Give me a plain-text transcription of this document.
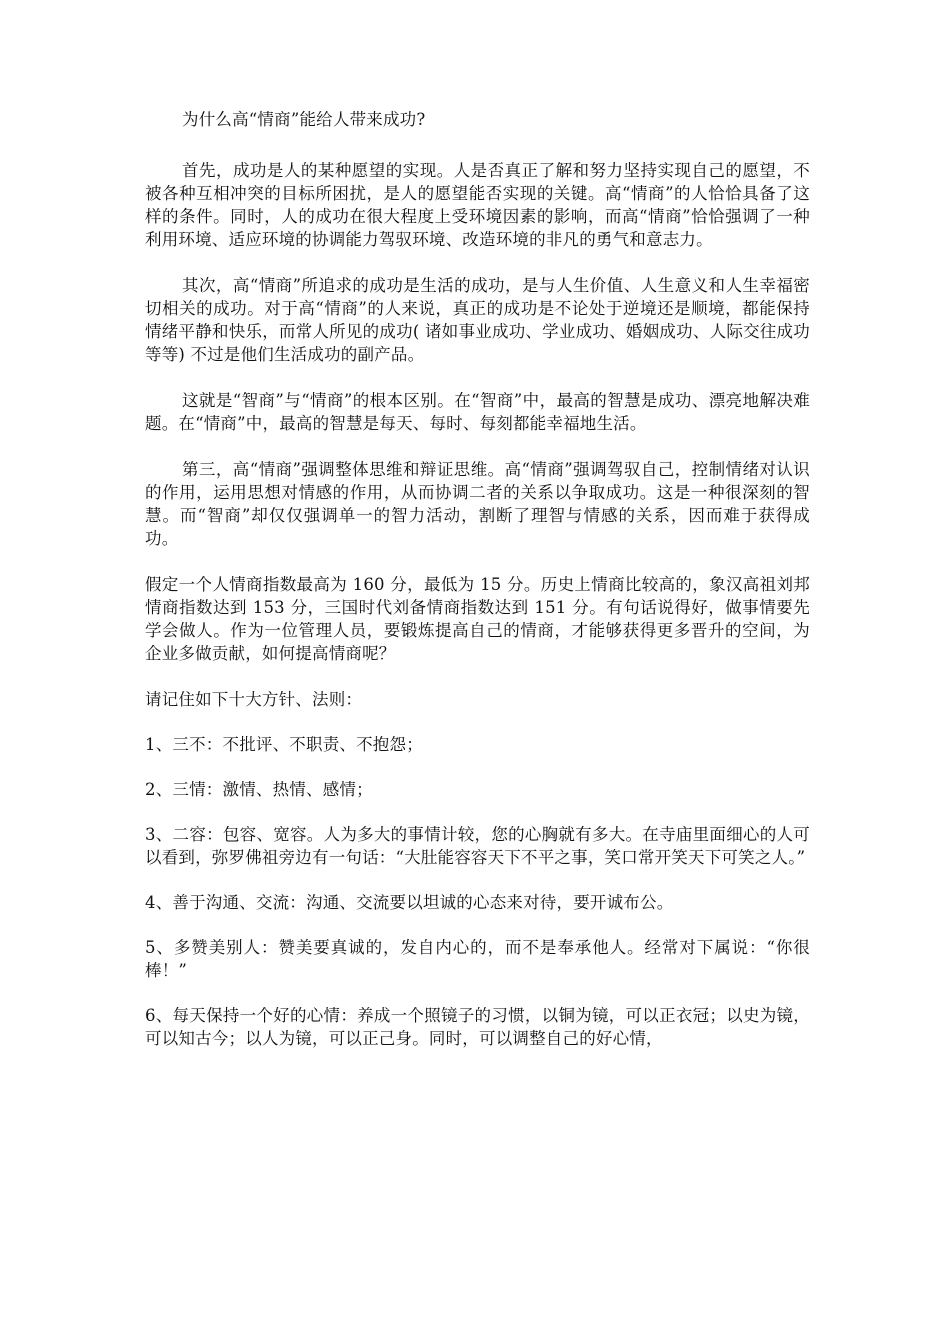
为什么高“情商”能给人带来成功?

首先，成功是人的某种愿望的实现。人是否真正了解和努力坚持实现自己的愿望，不被各种互相冲突的目标所困扰，是人的愿望能否实现的关键。高“情商”的人恰恰具备了这样的条件。同时，人的成功在很大程度上受环境因素的影响，而高“情商”恰恰强调了一种利用环境、适应环境的协调能力驾驭环境、改造环境的非凡的勇气和意志力。

其次，高“情商”所追求的成功是生活的成功，是与人生价值、人生意义和人生幸福密切相关的成功。对于高“情商”的人来说，真正的成功是不论处于逆境还是顺境，都能保持情绪平静和快乐，而常人所见的成功( 诸如事业成功、学业成功、婚姻成功、人际交往成功等等) 不过是他们生活成功的副产品。

这就是“智商”与“情商”的根本区别。在“智商”中，最高的智慧是成功、漂亮地解决难题。在“情商”中，最高的智慧是每天、每时、每刻都能幸福地生活。

第三，高“情商”强调整体思维和辩证思维。高“情商”强调驾驭自己，控制情绪对认识的作用，运用思想对情感的作用，从而协调二者的关系以争取成功。这是一种很深刻的智慧。而“智商”却仅仅强调单一的智力活动，割断了理智与情感的关系，因而难于获得成功。

假定一个人情商指数最高为 160 分，最低为 15 分。历史上情商比较高的，象汉高祖刘邦情商指数达到 153 分，三国时代刘备情商指数达到 151 分。有句话说得好，做事情要先学会做人。作为一位管理人员，要锻炼提高自己的情商，才能够获得更多晋升的空间，为企业多做贡献，如何提高情商呢？

请记住如下十大方针、法则：

1、三不：不批评、不职责、不抱怨；

2、三情：激情、热情、感情；

3、二容：包容、宽容。人为多大的事情计较，您的心胸就有多大。在寺庙里面细心的人可以看到，弥罗佛祖旁边有一句话：“大肚能容容天下不平之事，笑口常开笑天下可笑之人。”

4、善于沟通、交流：沟通、交流要以坦诚的心态来对待，要开诚布公。

5、多赞美别人：赞美要真诚的，发自内心的，而不是奉承他人。经常对下属说：“你很棒！”

6、每天保持一个好的心情：养成一个照镜子的习惯，以铜为镜，可以正衣冠；以史为镜，可以知古今；以人为镜，可以正己身。同时，可以调整自己的好心情，
